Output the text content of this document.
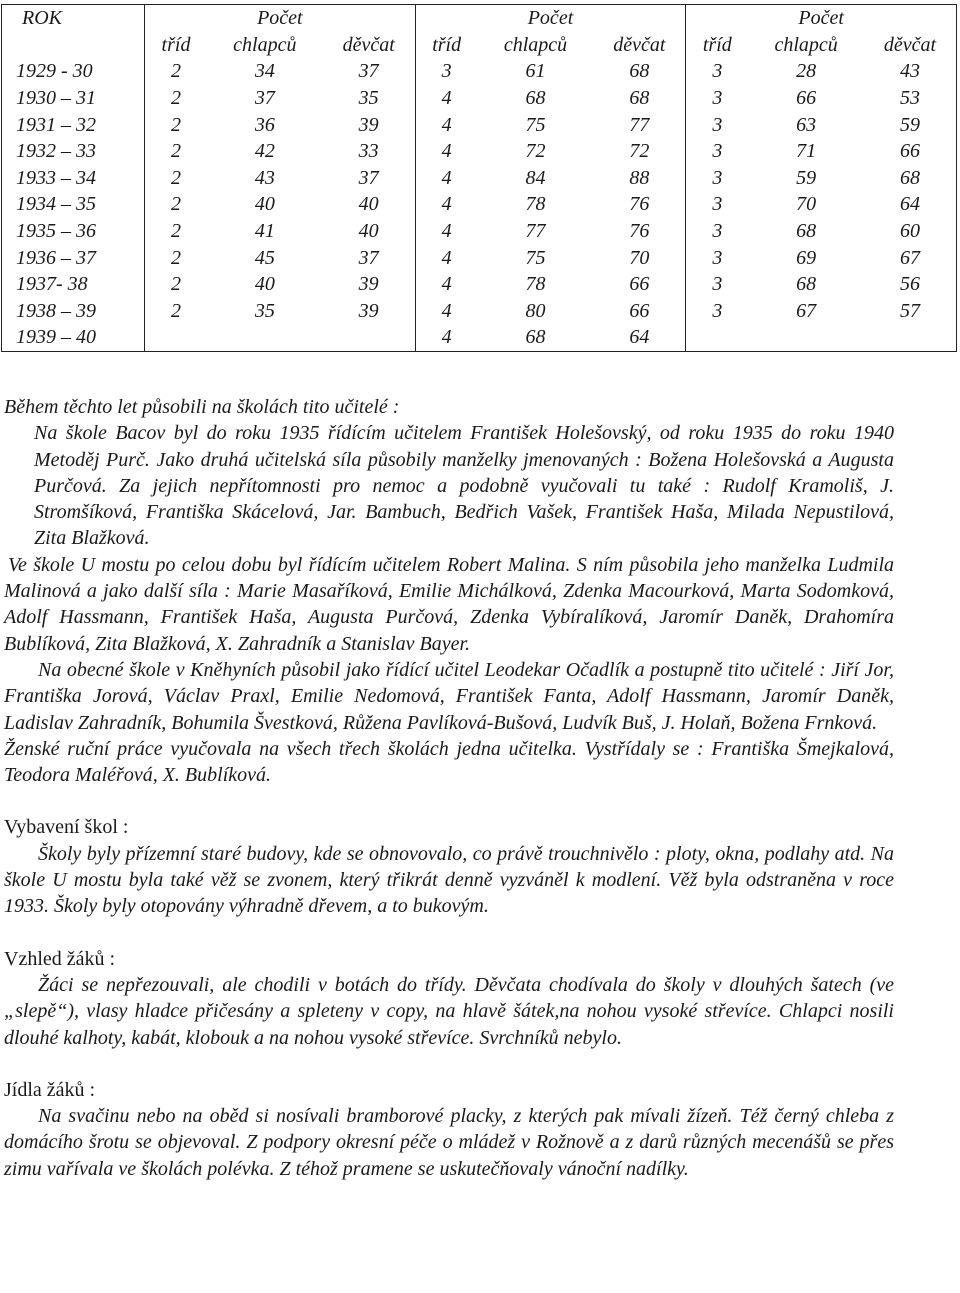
ROK	Počet	Počet	Počet

	tříd chlapců děvčat	tříd chlapců děvčat	tříd chlapců děvčat

1929 - 30	2 34 37	3 61 68	3 28 43

1930 – 31	2 37 35	4 68 68	3 66 53

1931 – 32	2 36 39	4 75 77	3 63 59

1932 – 33	2 42 33	4 72 72	3 71 66

1933 – 34	2 43 37	4 84 88	3 59 68

1934 – 35	2 40 40	4 78 76	3 70 64

1935 – 36	2 41 40	4 77 76	3 68 60

1936 – 37	2 45 37	4 75 70	3 69 67

1937- 38	2 40 39	4 78 66	3 68 56

1938 – 39	2 35 39	4 80 66	3 67 57

1939 – 40		4 68 64	

Během těchto let působili na školách tito učitelé :

Na škole Bacov byl do roku 1935 řídícím učitelem František Holešovský, od roku 1935 do roku 1940 Metoděj Purč. Jako druhá učitelská síla působily manželky jmenovaných : Božena Holešovská a Augusta Purčová. Za jejich nepřítomnosti pro nemoc a podobně vyučovali tu také : Rudolf Kramoliš, J. Stromšíková, Františka Skácelová, Jar. Bambuch, Bedřich Vašek, František Haša, Milada Nepustilová, Zita Blažková.

Ve škole U mostu po celou dobu byl řídícím učitelem Robert Malina. S ním působila jeho manželka Ludmila Malinová a jako další síla : Marie Masaříková, Emilie Michálková, Zdenka Macourková, Marta Sodomková, Adolf Hassmann, František Haša, Augusta Purčová, Zdenka Vybíralíková, Jaromír Daněk, Drahomíra Bublíková, Zita Blažková, X. Zahradník a Stanislav Bayer.

Na obecné škole v Kněhyních působil jako řídící učitel Leodekar Očadlík a postupně tito učitelé : Jiří Jor, Františka Jorová, Václav Praxl, Emilie Nedomová, František Fanta, Adolf Hassmann, Jaromír Daněk, Ladislav Zahradník, Bohumila Švestková, Růžena Pavlíková-Bušová, Ludvík Buš, J. Holaň, Božena Frnková.

Ženské ruční práce vyučovala na všech třech školách jedna učitelka. Vystřídaly se : Františka Šmejkalová, Teodora Maléřová, X. Bublíková.

Vybavení škol :

Školy byly přízemní staré budovy, kde se obnovovalo, co právě trouchnivělo : ploty, okna, podlahy atd. Na škole U mostu byla také věž se zvonem, který třikrát denně vyzváněl k modlení. Věž byla odstraněna v roce 1933. Školy byly otopovány výhradně dřevem, a to bukovým.

Vzhled žáků :

Žáci se nepřezouvali, ale chodili v botách do třídy. Děvčata chodívala do školy v dlouhých šatech (ve „slepě“), vlasy hladce přičesány a spleteny v copy, na hlavě šátek,na nohou vysoké střevíce. Chlapci nosili dlouhé kalhoty, kabát, klobouk a na nohou vysoké střevíce. Svrchníků nebylo.

Jídla žáků :

Na svačinu nebo na oběd si nosívali bramborové placky, z kterých pak mívali žízeň. Též černý chleba z domácího šrotu se objevoval. Z podpory okresní péče o mládež v Rožnově a z darů různých mecenášů se přes zimu vařívala ve školách polévka. Z téhož pramene se uskutečňovaly vánoční nadílky.
